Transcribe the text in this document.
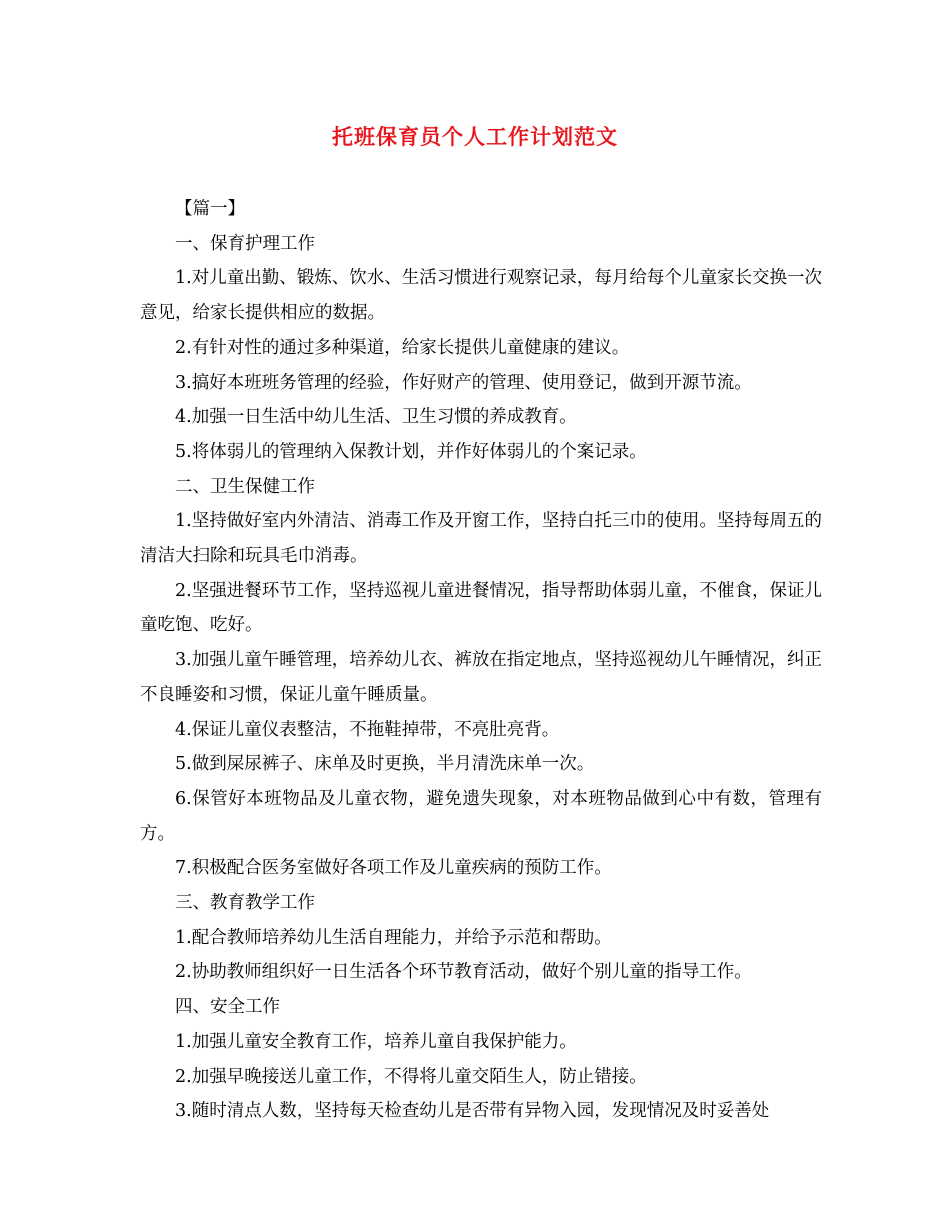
托班保育员个人工作计划范文

【篇一】

一、保育护理工作

1.对儿童出勤、锻炼、饮水、生活习惯进行观察记录，每月给每个儿童家长交换一次意见，给家长提供相应的数据。

2.有针对性的通过多种渠道，给家长提供儿童健康的建议。

3.搞好本班班务管理的经验，作好财产的管理、使用登记，做到开源节流。

4.加强一日生活中幼儿生活、卫生习惯的养成教育。

5.将体弱儿的管理纳入保教计划，并作好体弱儿的个案记录。

二、卫生保健工作

1.坚持做好室内外清洁、消毒工作及开窗工作，坚持白托三巾的使用。坚持每周五的清洁大扫除和玩具毛巾消毒。

2.坚强进餐环节工作，坚持巡视儿童进餐情况，指导帮助体弱儿童，不催食，保证儿童吃饱、吃好。

3.加强儿童午睡管理，培养幼儿衣、裤放在指定地点，坚持巡视幼儿午睡情况，纠正不良睡姿和习惯，保证儿童午睡质量。

4.保证儿童仪表整洁，不拖鞋掉带，不亮肚亮背。

5.做到屎尿裤子、床单及时更换，半月清洗床单一次。

6.保管好本班物品及儿童衣物，避免遗失现象，对本班物品做到心中有数，管理有方。

7.积极配合医务室做好各项工作及儿童疾病的预防工作。

三、教育教学工作

1.配合教师培养幼儿生活自理能力，并给予示范和帮助。

2.协助教师组织好一日生活各个环节教育活动，做好个别儿童的指导工作。

四、安全工作

1.加强儿童安全教育工作，培养儿童自我保护能力。

2.加强早晚接送儿童工作，不得将儿童交陌生人，防止错接。

3.随时清点人数，坚持每天检查幼儿是否带有异物入园，发现情况及时妥善处
